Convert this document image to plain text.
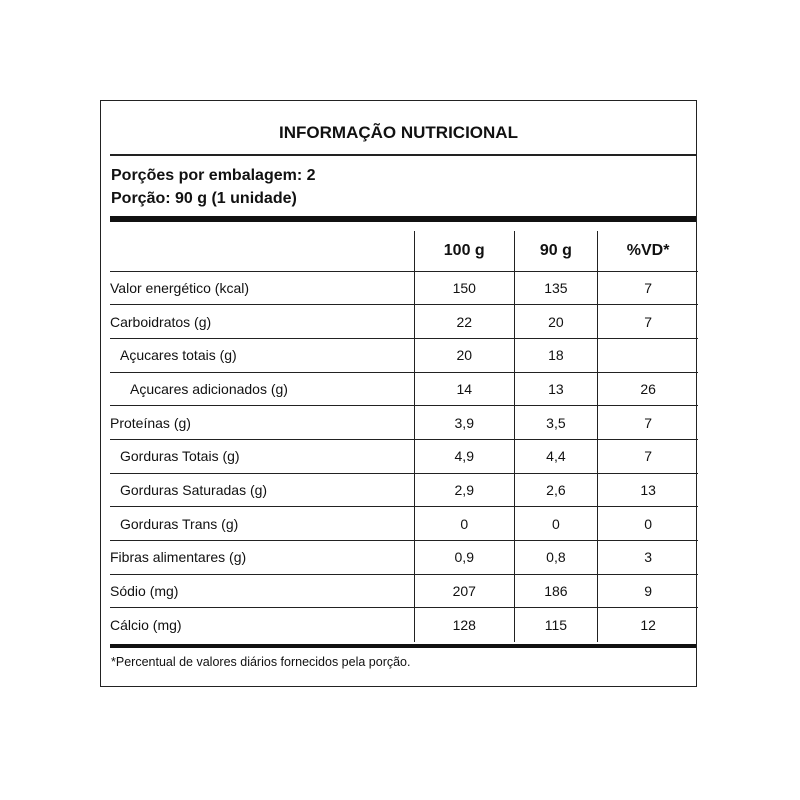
INFORMAÇÃO NUTRICIONAL
Porções por embalagem: 2
Porção: 90 g (1 unidade)
	100 g	90 g	%VD*
Valor energético (kcal)	150	135	7
Carboidratos (g)	22	20	7
Açucares totais (g)	20	18	
Açucares adicionados (g)	14	13	26
Proteínas (g)	3,9	3,5	7
Gorduras Totais (g)	4,9	4,4	7
Gorduras Saturadas (g)	2,9	2,6	13
Gorduras Trans (g)	0	0	0
Fibras alimentares (g)	0,9	0,8	3
Sódio (mg)	207	186	9
Cálcio (mg)	128	115	12
*Percentual de valores diários fornecidos pela porção.
